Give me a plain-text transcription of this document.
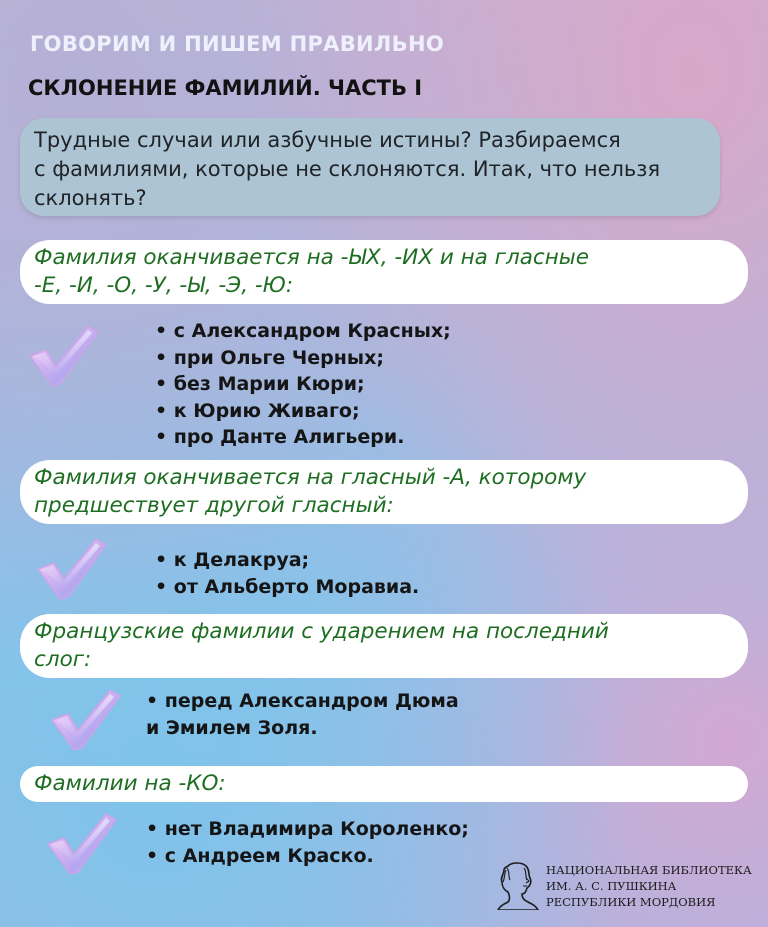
ГОВОРИМ И ПИШЕМ ПРАВИЛЬНО
СКЛОНЕНИЕ ФАМИЛИЙ. ЧАСТЬ I
Трудные случаи или азбучные истины? Разбираемся
с фамилиями, которые не склоняются. Итак, что нельзя
склонять?
Фамилия оканчивается на -ЫХ, -ИХ и на гласные
-Е, -И, -О, -У, -Ы, -Э, -Ю:
• с Александром Красных;
• при Ольге Черных;
• без Марии Кюри;
• к Юрию Живаго;
• про Данте Алигьери.
Фамилия оканчивается на гласный -А, которому
предшествует другой гласный:
• к Делакруа;
• от Альберто Моравиа.
Французские фамилии с ударением на последний
слог:
• перед Александром Дюма
и Эмилем Золя.
Фамилии на -КО:
• нет Владимира Короленко;
• с Андреем Краско.
НАЦИОНАЛЬНАЯ БИБЛИОТЕКА
ИМ. А. С. ПУШКИНА
РЕСПУБЛИКИ МОРДОВИЯ
